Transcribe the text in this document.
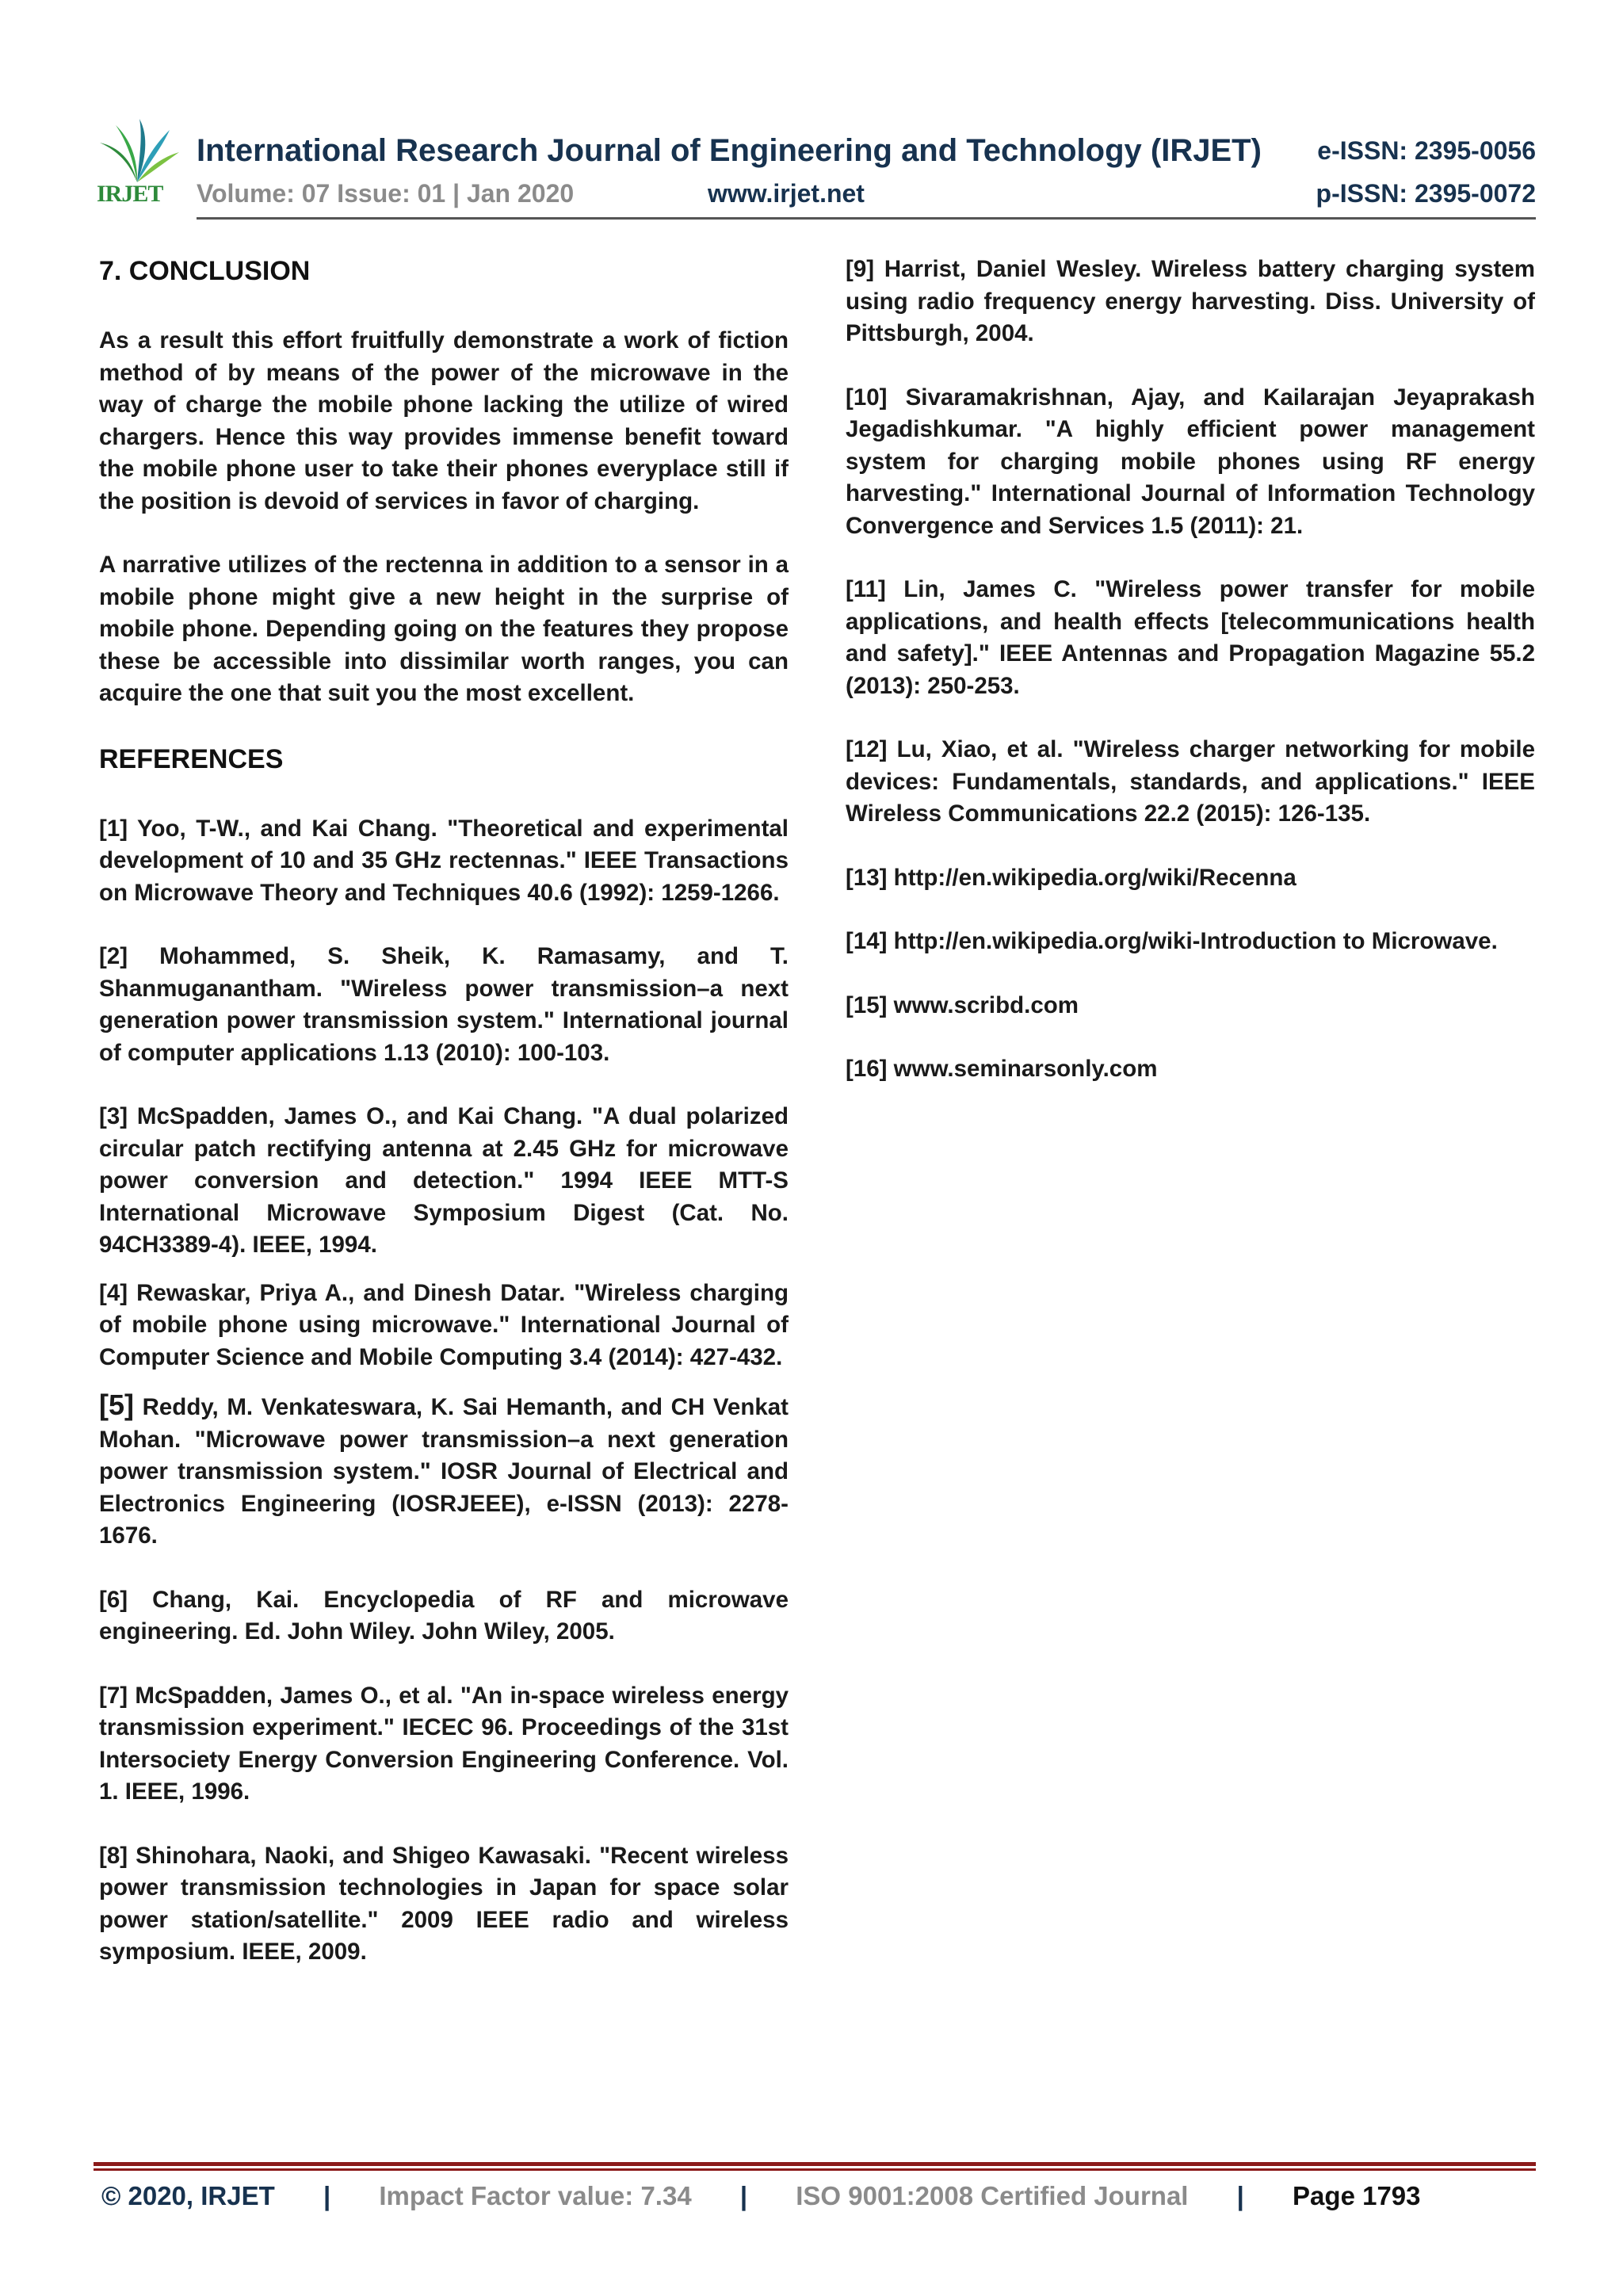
IRJET
International Research Journal of Engineering and Technology (IRJET) e-ISSN: 2395-0056
Volume: 07 Issue: 01 | Jan 2020	www.irjet.net	p-ISSN: 2395-0072
7. CONCLUSION

As a result this effort fruitfully demonstrate a work of fiction method of by means of the power of the microwave in the way of charge the mobile phone lacking the utilize of wired chargers. Hence this way provides immense benefit toward the mobile phone user to take their phones everyplace still if the position is devoid of services in favor of charging.

A narrative utilizes of the rectenna in addition to a sensor in a mobile phone might give a new height in the surprise of mobile phone. Depending going on the features they propose these be accessible into dissimilar worth ranges, you can acquire the one that suit you the most excellent.

REFERENCES

[1] Yoo, T-W., and Kai Chang. "Theoretical and experimental development of 10 and 35 GHz rectennas." IEEE Transactions on Microwave Theory and Techniques 40.6 (1992): 1259-1266.

[2] Mohammed, S. Sheik, K. Ramasamy, and T. Shanmuganantham. "Wireless power transmission–a next generation power transmission system." International journal of computer applications 1.13 (2010): 100-103.

[3] McSpadden, James O., and Kai Chang. "A dual polarized circular patch rectifying antenna at 2.45 GHz for microwave power conversion and detection." 1994 IEEE MTT-S International Microwave Symposium Digest (Cat. No. 94CH3389-4). IEEE, 1994.

[4] Rewaskar, Priya A., and Dinesh Datar. "Wireless charging of mobile phone using microwave." International Journal of Computer Science and Mobile Computing 3.4 (2014): 427-432.

[5] Reddy, M. Venkateswara, K. Sai Hemanth, and CH Venkat Mohan. "Microwave power transmission–a next generation power transmission system." IOSR Journal of Electrical and Electronics Engineering (IOSRJEEE), e-ISSN (2013): 2278-1676.

[6] Chang, Kai. Encyclopedia of RF and microwave engineering. Ed. John Wiley. John Wiley, 2005.

[7] McSpadden, James O., et al. "An in-space wireless energy transmission experiment." IECEC 96. Proceedings of the 31st Intersociety Energy Conversion Engineering Conference. Vol. 1. IEEE, 1996.

[8] Shinohara, Naoki, and Shigeo Kawasaki. "Recent wireless power transmission technologies in Japan for space solar power station/satellite." 2009 IEEE radio and wireless symposium. IEEE, 2009.

[9] Harrist, Daniel Wesley. Wireless battery charging system using radio frequency energy harvesting. Diss. University of Pittsburgh, 2004.

[10] Sivaramakrishnan, Ajay, and Kailarajan Jeyaprakash Jegadishkumar. "A highly efficient power management system for charging mobile phones using RF energy harvesting." International Journal of Information Technology Convergence and Services 1.5 (2011): 21.

[11] Lin, James C. "Wireless power transfer for mobile applications, and health effects [telecommunications health and safety]." IEEE Antennas and Propagation Magazine 55.2 (2013): 250-253.

[12] Lu, Xiao, et al. "Wireless charger networking for mobile devices: Fundamentals, standards, and applications." IEEE Wireless Communications 22.2 (2015): 126-135.

[13] http://en.wikipedia.org/wiki/Recenna

[14] http://en.wikipedia.org/wiki-Introduction to Microwave.

[15] www.scribd.com

[16] www.seminarsonly.com

© 2020, IRJET | Impact Factor value: 7.34 | ISO 9001:2008 Certified Journal | Page 1793
